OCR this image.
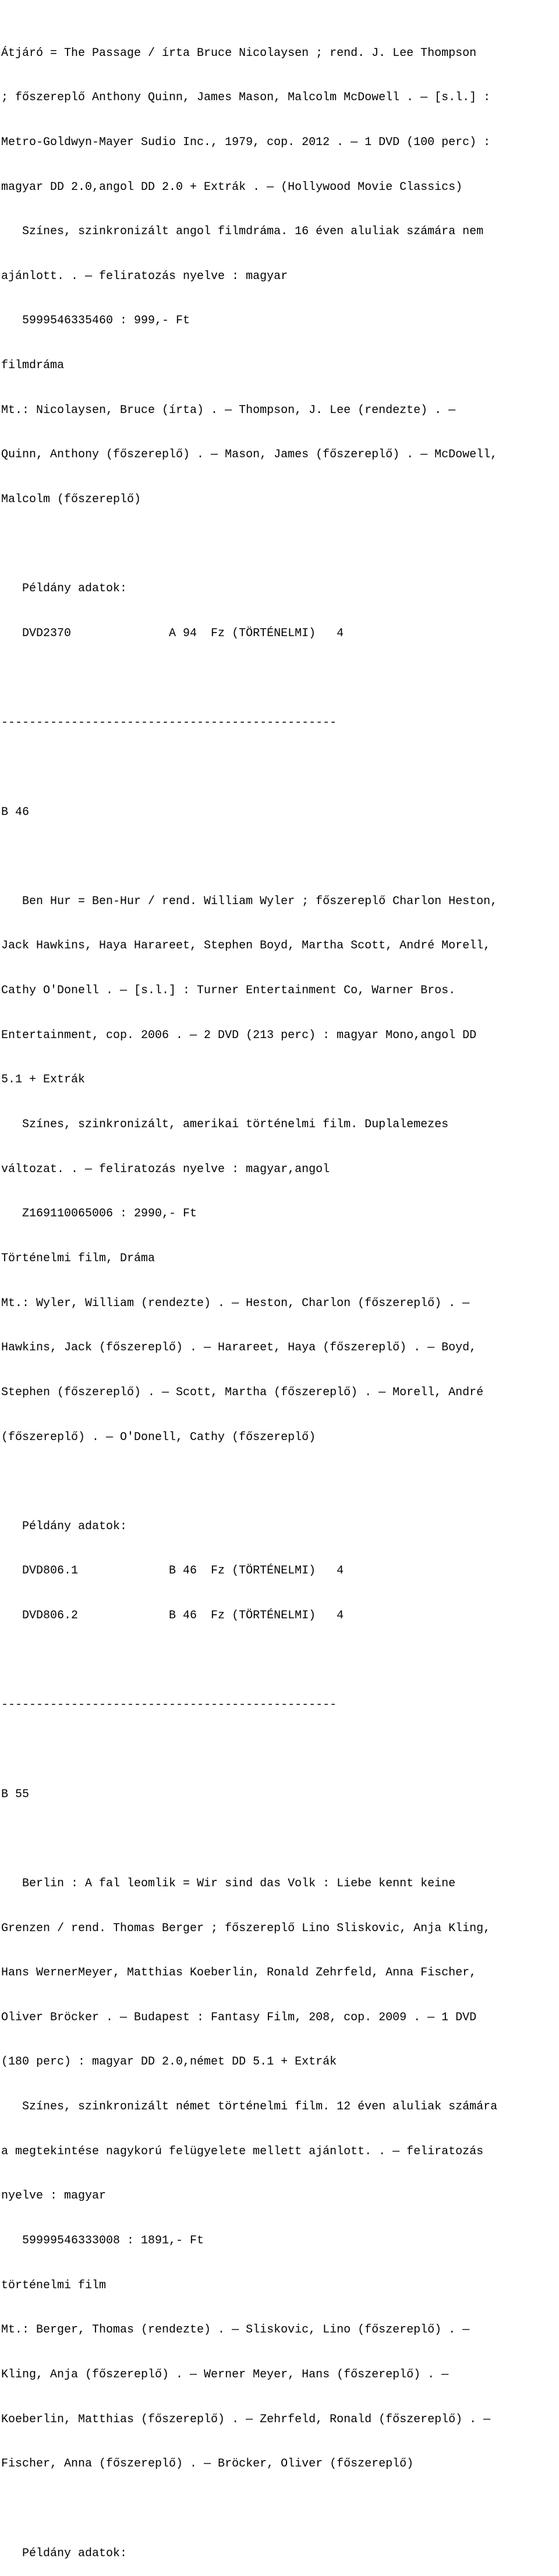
Átjáró = The Passage / írta Bruce Nicolaysen ; rend. J. Lee Thompson

; főszereplő Anthony Quinn, James Mason, Malcolm McDowell . — [s.l.] :

Metro-Goldwyn-Mayer Sudio Inc., 1979, cop. 2012 . — 1 DVD (100 perc) :

magyar DD 2.0,angol DD 2.0 + Extrák . — (Hollywood Movie Classics)

Színes, szinkronizált angol filmdráma. 16 éven aluliak számára nem

ajánlott. . — feliratozás nyelve : magyar

5999546335460 : 999,- Ft

filmdráma

Mt.: Nicolaysen, Bruce (írta) . — Thompson, J. Lee (rendezte) . —

Quinn, Anthony (főszereplő) . — Mason, James (főszereplő) . — McDowell,

Malcolm (főszereplő)

Példány adatok:

DVD2370              A 94  Fz (TÖRTÉNELMI)   4

------------------------------------------------

B 46

Ben Hur = Ben-Hur / rend. William Wyler ; főszereplő Charlon Heston,

Jack Hawkins, Haya Harareet, Stephen Boyd, Martha Scott, André Morell,

Cathy O'Donell . — [s.l.] : Turner Entertainment Co, Warner Bros.

Entertainment, cop. 2006 . — 2 DVD (213 perc) : magyar Mono,angol DD

5.1 + Extrák

Színes, szinkronizált, amerikai történelmi film. Duplalemezes

változat. . — feliratozás nyelve : magyar,angol

Z169110065006 : 2990,- Ft

Történelmi film, Dráma

Mt.: Wyler, William (rendezte) . — Heston, Charlon (főszereplő) . —

Hawkins, Jack (főszereplő) . — Harareet, Haya (főszereplő) . — Boyd,

Stephen (főszereplő) . — Scott, Martha (főszereplő) . — Morell, André

(főszereplő) . — O'Donell, Cathy (főszereplő)

Példány adatok:

DVD806.1             B 46  Fz (TÖRTÉNELMI)   4

DVD806.2             B 46  Fz (TÖRTÉNELMI)   4

------------------------------------------------

B 55

Berlin : A fal leomlik = Wir sind das Volk : Liebe kennt keine

Grenzen / rend. Thomas Berger ; főszereplő Lino Sliskovic, Anja Kling,

Hans WernerMeyer, Matthias Koeberlin, Ronald Zehrfeld, Anna Fischer,

Oliver Bröcker . — Budapest : Fantasy Film, 208, cop. 2009 . — 1 DVD

(180 perc) : magyar DD 2.0,német DD 5.1 + Extrák

Színes, szinkronizált német történelmi film. 12 éven aluliak számára

a megtekintése nagykorú felügyelete mellett ajánlott. . — feliratozás

nyelve : magyar

59999546333008 : 1891,- Ft

történelmi film

Mt.: Berger, Thomas (rendezte) . — Sliskovic, Lino (főszereplő) . —

Kling, Anja (főszereplő) . — Werner Meyer, Hans (főszereplő) . —

Koeberlin, Matthias (főszereplő) . — Zehrfeld, Ronald (főszereplő) . —

Fischer, Anna (főszereplő) . — Bröcker, Oliver (főszereplő)

Példány adatok:
